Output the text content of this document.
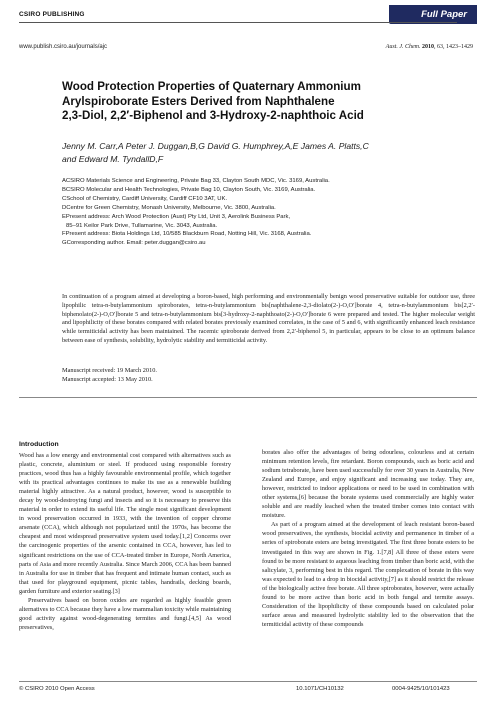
CSIRO PUBLISHING	Full Paper
www.publish.csiro.au/journals/ajc	Aust. J. Chem. 2010, 63, 1423–1429
Wood Protection Properties of Quaternary Ammonium
Arylspiroborate Esters Derived from Naphthalene
2,3-Diol, 2,2′-Biphenol and 3-Hydroxy-2-naphthoic Acid
Jenny M. Carr,A Peter J. Duggan,B,G David G. Humphrey,A,E James A. Platts,C
and Edward M. TyndallD,F
ACSIRO Materials Science and Engineering, Private Bag 33, Clayton South MDC, Vic. 3169, Australia.
BCSIRO Molecular and Health Technologies, Private Bag 10, Clayton South, Vic. 3169, Australia.
CSchool of Chemistry, Cardiff University, Cardiff CF10 3AT, UK.
DCentre for Green Chemistry, Monash University, Melbourne, Vic. 3800, Australia.
EPresent address: Arch Wood Protection (Aust) Pty Ltd, Unit 3, Aerolink Business Park,
85–91 Keilor Park Drive, Tullamarine, Vic. 3043, Australia.
FPresent address: Biota Holdings Ltd, 10/585 Blackburn Road, Notting Hill, Vic. 3168, Australia.
GCorresponding author. Email: peter.duggan@csiro.au
In continuation of a program aimed at developing a boron-based, high performing and environmentally benign wood preservative suitable for outdoor use, three lipophilic tetra-n-butylammonium spiroborates, tetra-n-butylammonium bis[naphthalene-2,3-diolato(2-)-O,O′]borate 4, tetra-n-butylammonium bis[2,2′-biphenolato(2-)-O,O′]borate 5 and tetra-n-butylammonium bis[3-hydroxy-2-naphthoato(2-)-O,O′]borate 6 were prepared and tested. The higher molecular weight and lipophilicity of these borates compared with related borates previously examined correlates, in the case of 5 and 6, with significantly enhanced leach resistance while termiticidal activity has been maintained. The racemic spiroborate derived from 2,2′-biphenol 5, in particular, appears to be close to an optimum balance between ease of synthesis, solubility, hydrolytic stability and termiticidal activity.
Manuscript received: 19 March 2010.
Manuscript accepted: 13 May 2010.
Introduction

Wood has a low energy and environmental cost compared with alternatives such as plastic, concrete, aluminium or steel. If produced using responsible forestry practices, wood thus has a highly favourable environmental profile, which together with its practical advantages continues to make its use as a renewable building material highly attractive. As a natural product, however, wood is susceptible to decay by wood-destroying fungi and insects and so it is necessary to preserve this material in order to extend its useful life. The single most significant development in wood preservation occurred in 1933, with the invention of copper chrome arsenate (CCA), which although not popularized until the 1970s, has become the cheapest and most widespread preservative system used today.[1,2] Concerns over the carcinogenic properties of the arsenic contained in CCA, however, has led to significant restrictions on the use of CCA-treated timber in Europe, North America, parts of Asia and more recently Australia. Since March 2006, CCA has been banned in Australia for use in timber that has frequent and intimate human contact, such as that used for playground equipment, picnic tables, handrails, decking boards, garden furniture and exterior seating.[3]

Preservatives based on boron oxides are regarded as highly feasible green alternatives to CCA because they have a low mammalian toxicity while maintaining good activity against wood-degenerating termites and fungi.[4,5] As wood preservatives,

borates also offer the advantages of being odourless, colourless and at certain minimum retention levels, fire retardant. Boron compounds, such as boric acid and sodium tetraborate, have been used successfully for over 30 years in Australia, New Zealand and Europe, and enjoy significant and increasing use today. They are, however, restricted to indoor applications or need to be used in combination with other systems,[6] because the borate systems used commercially are highly water soluble and are readily leached when the treated timber comes into contact with moisture.

As part of a program aimed at the development of leach resistant boron-based wood preservatives, the synthesis, biocidal activity and permanence in timber of a series of spiroborate esters are being investigated. The first three borate esters to be investigated in this way are shown in Fig. 1.[7,8] All three of these esters were found to be more resistant to aqueous leaching from timber than boric acid, with the salicylate, 3, performing best in this regard. The complexation of borate in this way was expected to lead to a drop in biocidal activity,[7] as it should restrict the release of the biologically active free borate. All three spiroborates, however, were actually found to be more active than boric acid in both fungal and termite assays. Consideration of the lipophilicity of these compounds based on calculated polar surface areas and measured hydrolytic stability led to the observation that the termiticidal activity of these compounds

© CSIRO 2010 Open Access	10.1071/CH10132	0004-9425/10/101423
